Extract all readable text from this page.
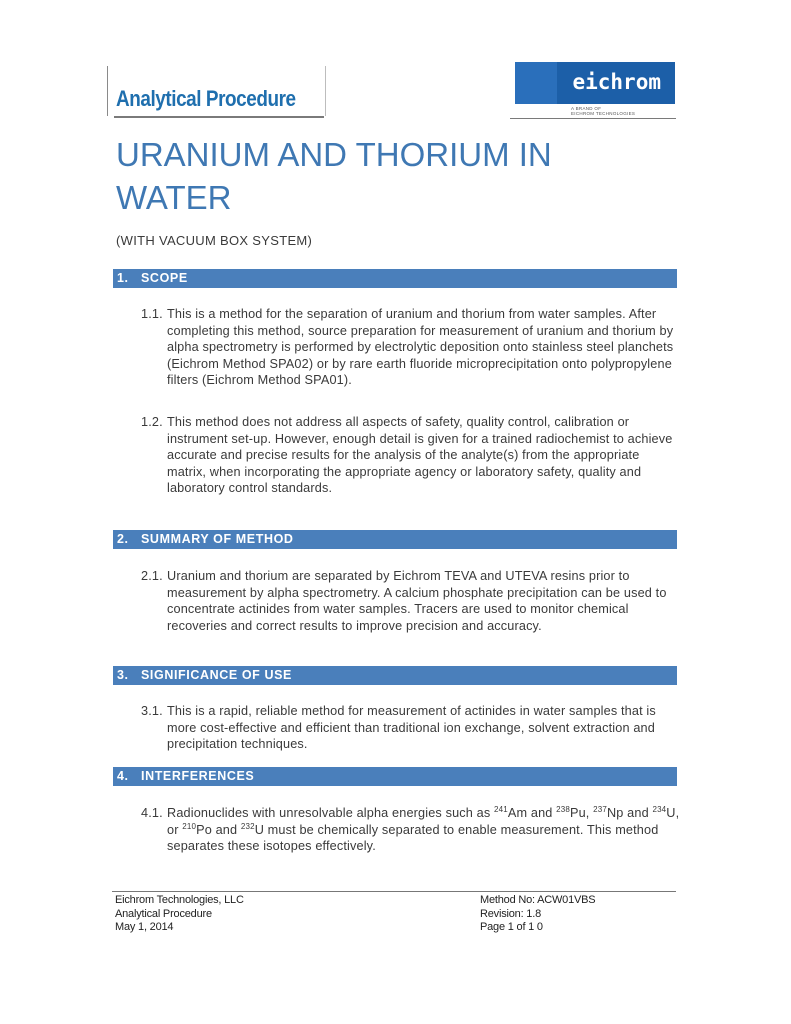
Analytical Procedure
eichrom
A BRAND OF
EICHROM TECHNOLOGIES
URANIUM AND THORIUM IN WATER
(WITH VACUUM BOX SYSTEM)
1. SCOPE
1.1. This is a method for the separation of uranium and thorium from water samples. After completing this method, source preparation for measurement of uranium and thorium by alpha spectrometry is performed by electrolytic deposition onto stainless steel planchets (Eichrom Method SPA02) or by rare earth fluoride microprecipitation onto polypropylene filters (Eichrom Method SPA01).
1.2. This method does not address all aspects of safety, quality control, calibration or instrument set-up. However, enough detail is given for a trained radiochemist to achieve accurate and precise results for the analysis of the analyte(s) from the appropriate matrix, when incorporating the appropriate agency or laboratory safety, quality and laboratory control standards.
2. SUMMARY OF METHOD
2.1. Uranium and thorium are separated by Eichrom TEVA and UTEVA resins prior to measurement by alpha spectrometry. A calcium phosphate precipitation can be used to concentrate actinides from water samples. Tracers are used to monitor chemical recoveries and correct results to improve precision and accuracy.
3. SIGNIFICANCE OF USE
3.1. This is a rapid, reliable method for measurement of actinides in water samples that is more cost-effective and efficient than traditional ion exchange, solvent extraction and precipitation techniques.
4. INTERFERENCES
4.1. Radionuclides with unresolvable alpha energies such as $^{241}$Am and $^{238}$Pu, $^{237}$Np and $^{234}$U, or $^{210}$Po and $^{232}$U must be chemically separated to enable measurement. This method separates these isotopes effectively.
Eichrom Technologies, LLC
Analytical Procedure
May 1, 2014
Method No: ACW01VBS
Revision: 1.8
Page 1 of 1 0
